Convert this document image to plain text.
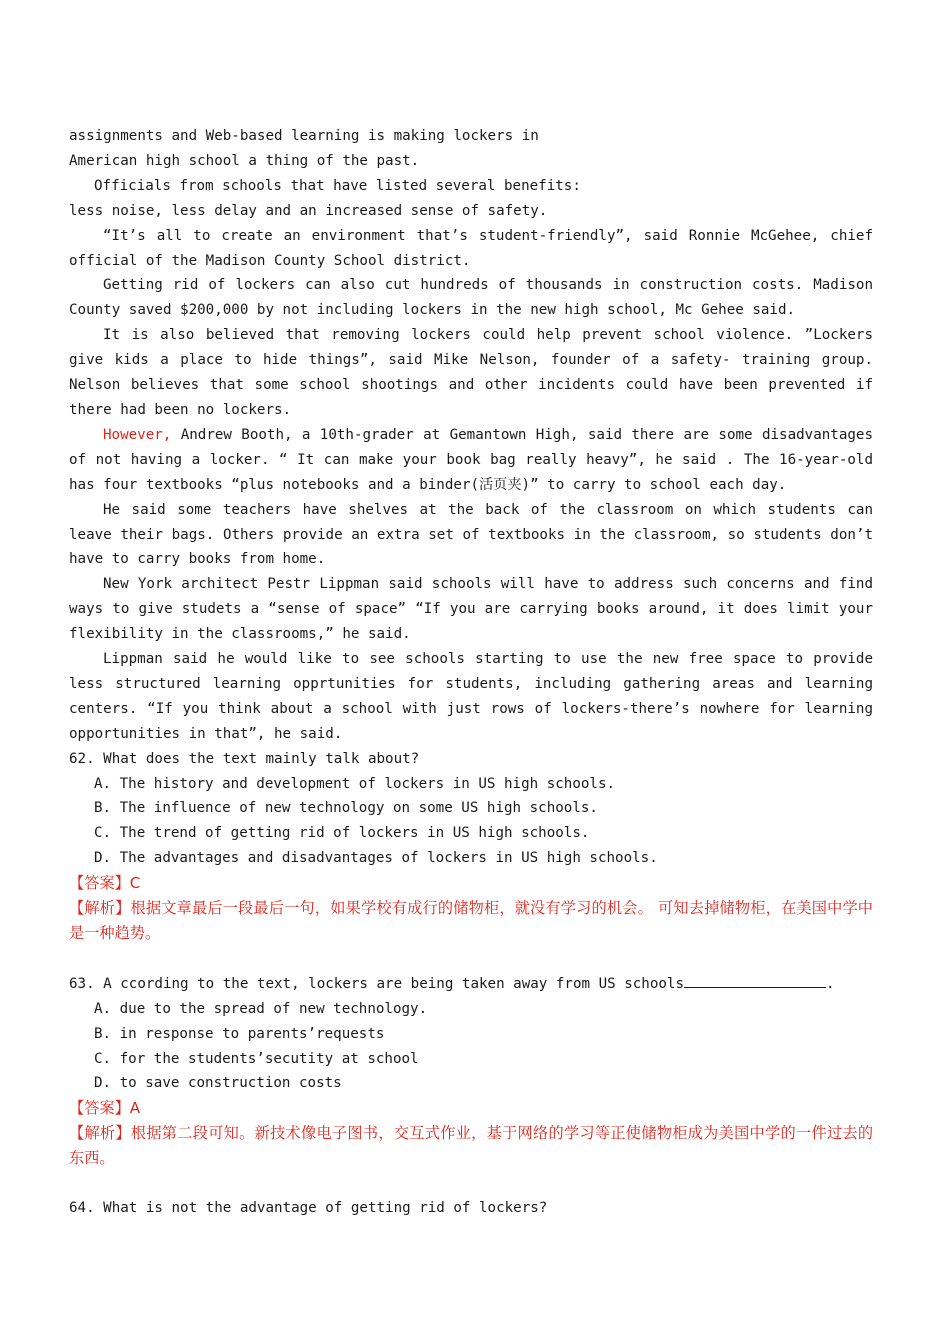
assignments and Web-based learning is making lockers in

American high school a thing of the past.

Officials from schools that have listed several benefits:

less noise, less delay and an increased sense of safety.

“It’s all to create an environment that’s student-friendly”, said Ronnie McGehee, chief official of the Madison County School district.

Getting rid of lockers can also cut hundreds of thousands in construction costs. Madison County saved $200,000 by not including lockers in the new high school, Mc Gehee said.

It is also believed that removing lockers could help prevent school violence. ”Lockers give kids a place to hide things”, said Mike Nelson, founder of a safety- training group. Nelson believes that some school shootings and other incidents could have been prevented if there had been no lockers.

However, Andrew Booth, a 10th-grader at Gemantown High, said there are some disadvantages of not having a locker. “ It can make your book bag really heavy”, he said . The 16-year-old has four textbooks “plus notebooks and a binder(活页夹)” to carry to school each day.

He said some teachers have shelves at the back of the classroom on which students can leave their bags. Others provide an extra set of textbooks in the classroom, so students don’t have to carry books from home.

New York architect Pestr Lippman said schools will have to address such concerns and find ways to give studets a “sense of space” “If you are carrying books around, it does limit your flexibility in the classrooms,” he said.

Lippman said he would like to see schools starting to use the new free space to provide less structured learning opprtunities for students, including gathering areas and learning centers. “If you think about a school with just rows of lockers-there’s nowhere for learning opportunities in that”, he said.

62. What does the text mainly talk about?

A. The history and development of lockers in US high schools.

B. The influence of new technology on some US high schools.

C. The trend of getting rid of lockers in US high schools.

D. The advantages and disadvantages of lockers in US high schools.

【答案】C

【解析】根据文章最后一段最后一句，如果学校有成行的储物柜，就没有学习的机会。 可知去掉储物柜，在美国中学中是一种趋势。

63. A ccording to the text, lockers are being taken away from US schools	.

A. due to the spread of new technology.

B. in response to parents’requests

C. for the students’secutity at school

D. to save construction costs

【答案】A

【解析】根据第二段可知。新技术像电子图书，交互式作业，基于网络的学习等正使储物柜成为美国中学的一件过去的东西。

64. What is not the advantage of getting rid of lockers?
